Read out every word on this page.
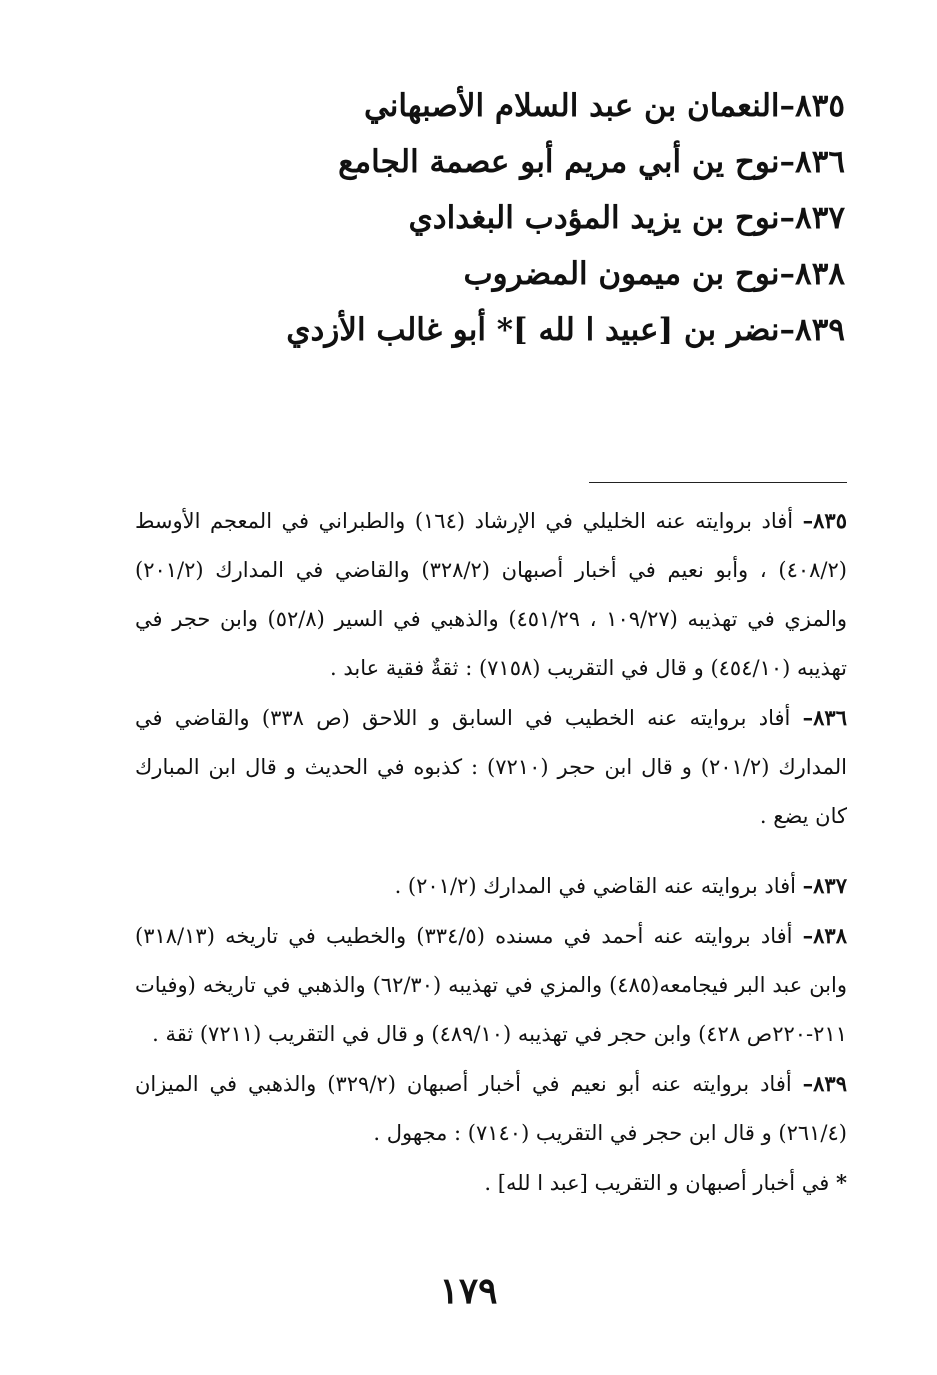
٨٣٥–النعمان بن عبد السلام الأصبهاني
٨٣٦–نوح ين أبي مريم أبو عصمة الجامع
٨٣٧–نوح بن يزيد المؤدب البغدادي
٨٣٨–نوح بن ميمون المضروب
٨٣٩–نضر بن [عبيد ا لله ]* أبو غالب الأزدي

٨٣٥– أفاد بروايته عنه الخليلي في الإرشاد (١٦٤) والطبراني في المعجم الأوسط (٤٠٨/٢) ، وأبو نعيم في أخبار أصبهان (٣٢٨/٢) والقاضي في المدارك (٢٠١/٢) والمزي في تهذيبه (١٠٩/٢٧ ، ٤٥١/٢٩) والذهبي في السير (٥٢/٨) وابن حجر في تهذيبه (٤٥٤/١٠) و قال في التقريب (٧١٥٨) : ثقةٌ فقية عابد .

٨٣٦– أفاد بروايته عنه الخطيب في السابق و اللاحق (ص ٣٣٨) والقاضي في المدارك (٢٠١/٢) و قال ابن حجر (٧٢١٠) : كذبوه في الحديث و قال ابن المبارك كان يضع .

٨٣٧– أفاد بروايته عنه القاضي في المدارك (٢٠١/٢) .

٨٣٨– أفاد بروايته عنه أحمد في مسنده (٣٣٤/٥) والخطيب في تاريخه (٣١٨/١٣) وابن عبد البر فيجامعه(٤٨٥) والمزي في تهذيبه (٦٢/٣٠) والذهبي في تاريخه (وفيات ٢١١-٢٢٠ص ٤٢٨) وابن حجر في تهذيبه (٤٨٩/١٠) و قال في التقريب (٧٢١١) ثقة .

٨٣٩– أفاد بروايته عنه أبو نعيم في أخبار أصبهان (٣٢٩/٢) والذهبي في الميزان (٢٦١/٤) و قال ابن حجر في التقريب (٧١٤٠) : مجهول .

* في أخبار أصبهان و التقريب [عبد ا لله] .

١٧٩
